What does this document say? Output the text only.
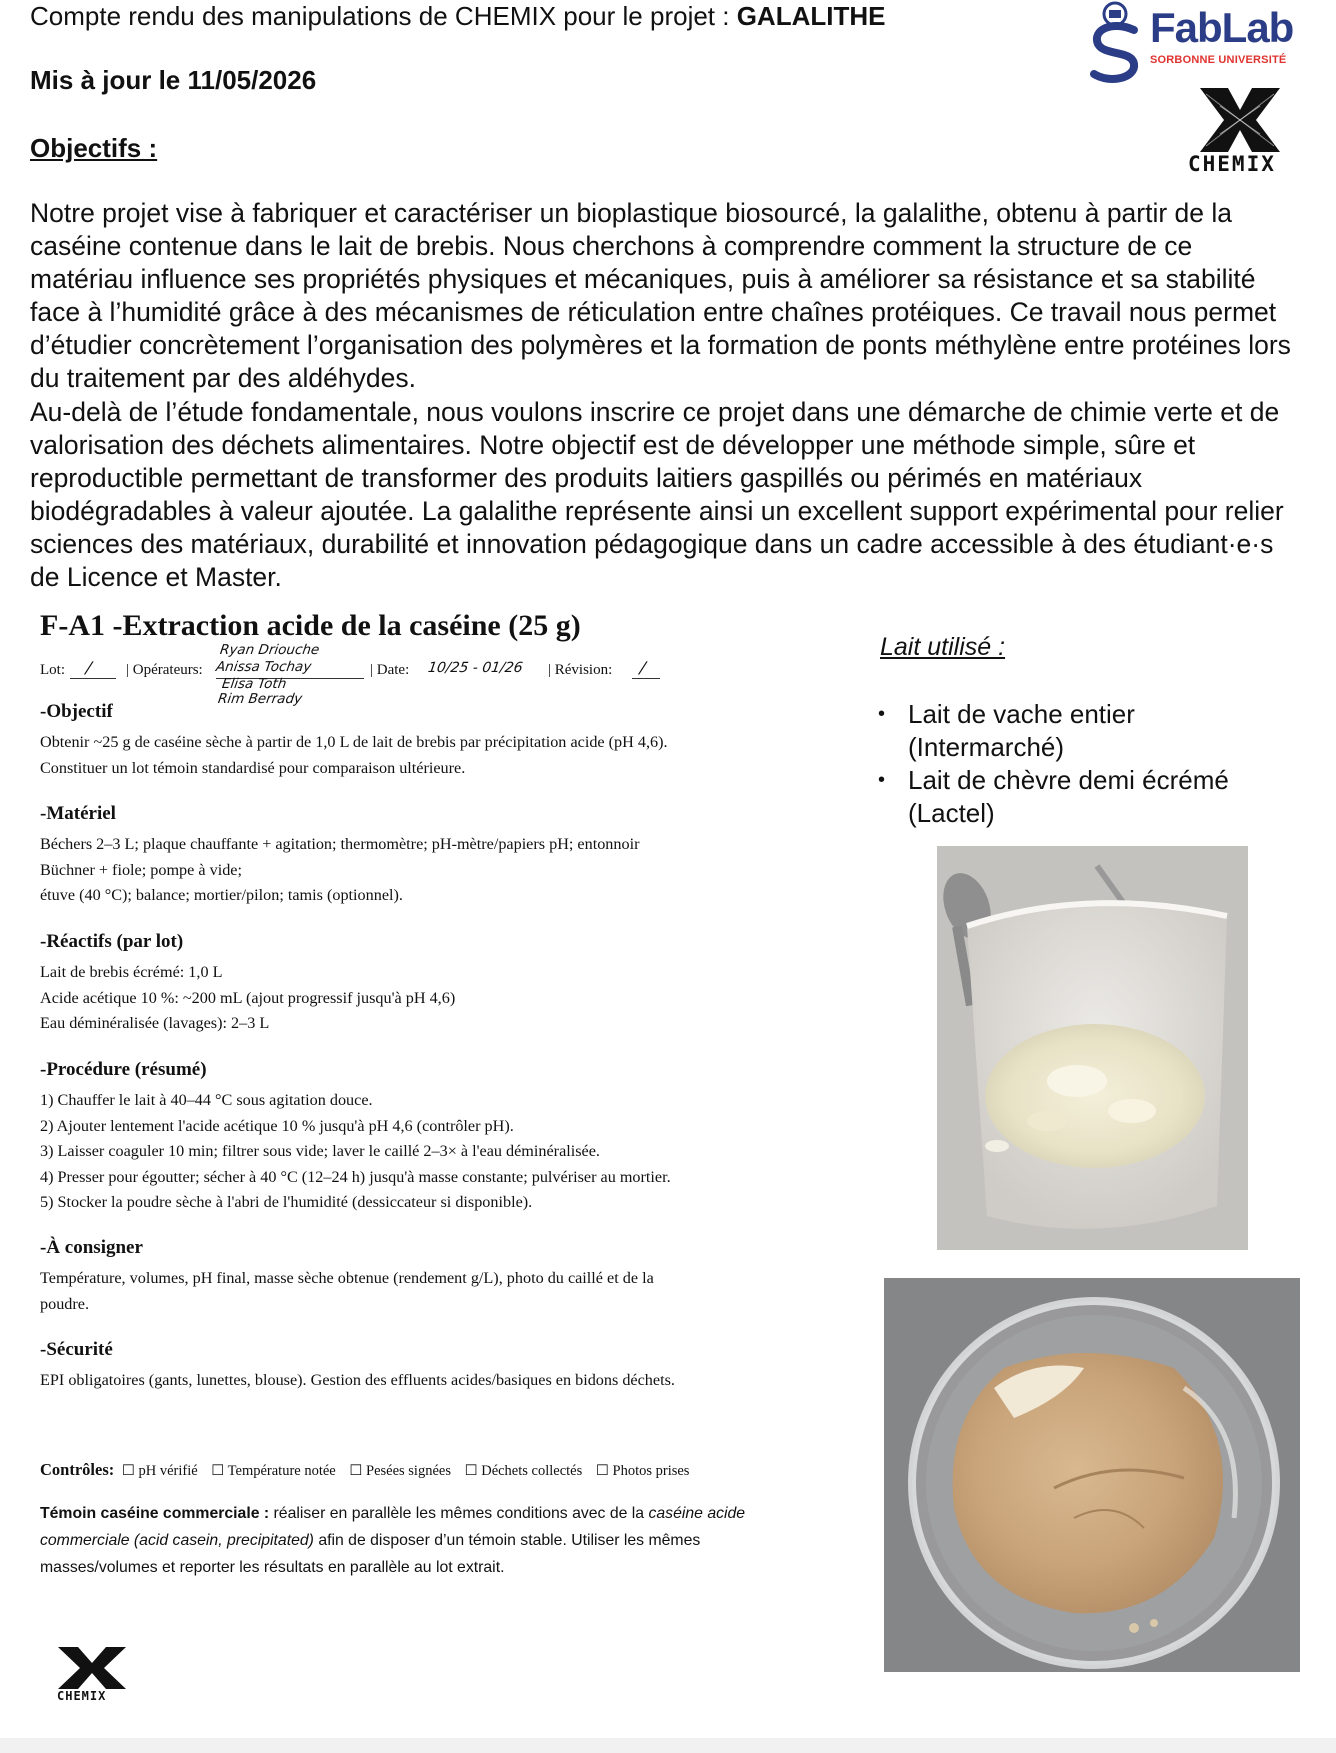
Compte rendu des manipulations de CHEMIX pour le projet : GALALITHE
Mis à jour le 11/05/2026
Objectifs :
FabLab
SORBONNE UNIVERSITÉ
CHEMIX

Notre projet vise à fabriquer et caractériser un bioplastique biosourcé, la galalithe, obtenu à partir de la caséine contenue dans le lait de brebis. Nous cherchons à comprendre comment la structure de ce matériau influence ses propriétés physiques et mécaniques, puis à améliorer sa résistance et sa stabilité face à l’humidité grâce à des mécanismes de réticulation entre chaînes protéiques. Ce travail nous permet d’étudier concrètement l’organisation des polymères et la formation de ponts méthylène entre protéines lors du traitement par des aldéhydes.

Au-delà de l’étude fondamentale, nous voulons inscrire ce projet dans une démarche de chimie verte et de valorisation des déchets alimentaires. Notre objectif est de développer une méthode simple, sûre et reproductible permettant de transformer des produits laitiers gaspillés ou périmés en matériaux biodégradables à valeur ajoutée. La galalithe représente ainsi un excellent support expérimental pour relier sciences des matériaux, durabilité et innovation pédagogique dans un cadre accessible à des étudiant·e·s de Licence et Master.

F-A1 -Extraction acide de la caséine (25 g)
Lot: / | Opérateurs:
Ryan Driouche
Anissa Tochay
Elisa Toth
Rim Berrady
| Date: 10/25 - 01/26 | Révision: /

-Objectif

Obtenir ~25 g de caséine sèche à partir de 1,0 L de lait de brebis par précipitation acide (pH 4,6).

Constituer un lot témoin standardisé pour comparaison ultérieure.

-Matériel

Béchers 2–3 L; plaque chauffante + agitation; thermomètre; pH-mètre/papiers pH; entonnoir

Büchner + fiole; pompe à vide;

étuve (40 °C); balance; mortier/pilon; tamis (optionnel).

-Réactifs (par lot)

Lait de brebis écrémé: 1,0 L

Acide acétique 10 %: ~200 mL (ajout progressif jusqu'à pH 4,6)

Eau déminéralisée (lavages): 2–3 L

-Procédure (résumé)

1) Chauffer le lait à 40–44 °C sous agitation douce.

2) Ajouter lentement l'acide acétique 10 % jusqu'à pH 4,6 (contrôler pH).

3) Laisser coaguler 10 min; filtrer sous vide; laver le caillé 2–3× à l'eau déminéralisée.

4) Presser pour égoutter; sécher à 40 °C (12–24 h) jusqu'à masse constante; pulvériser au mortier.

5) Stocker la poudre sèche à l'abri de l'humidité (dessiccateur si disponible).

-À consigner

Température, volumes, pH final, masse sèche obtenue (rendement g/L), photo du caillé et de la

poudre.

-Sécurité

EPI obligatoires (gants, lunettes, blouse). Gestion des effluents acides/basiques en bidons déchets.

Contrôles: ☐ pH vérifié ☐ Température notée ☐ Pesées signées ☐ Déchets collectés ☐ Photos prises
Témoin caséine commerciale : réaliser en parallèle les mêmes conditions avec de la caséine acide commerciale (acid casein, precipitated) afin de disposer d’un témoin stable. Utiliser les mêmes masses/volumes et reporter les résultats en parallèle au lot extrait.
CHEMIX
Lait utilisé :
• Lait de vache entier (Intermarché)
• Lait de chèvre demi écrémé (Lactel)
